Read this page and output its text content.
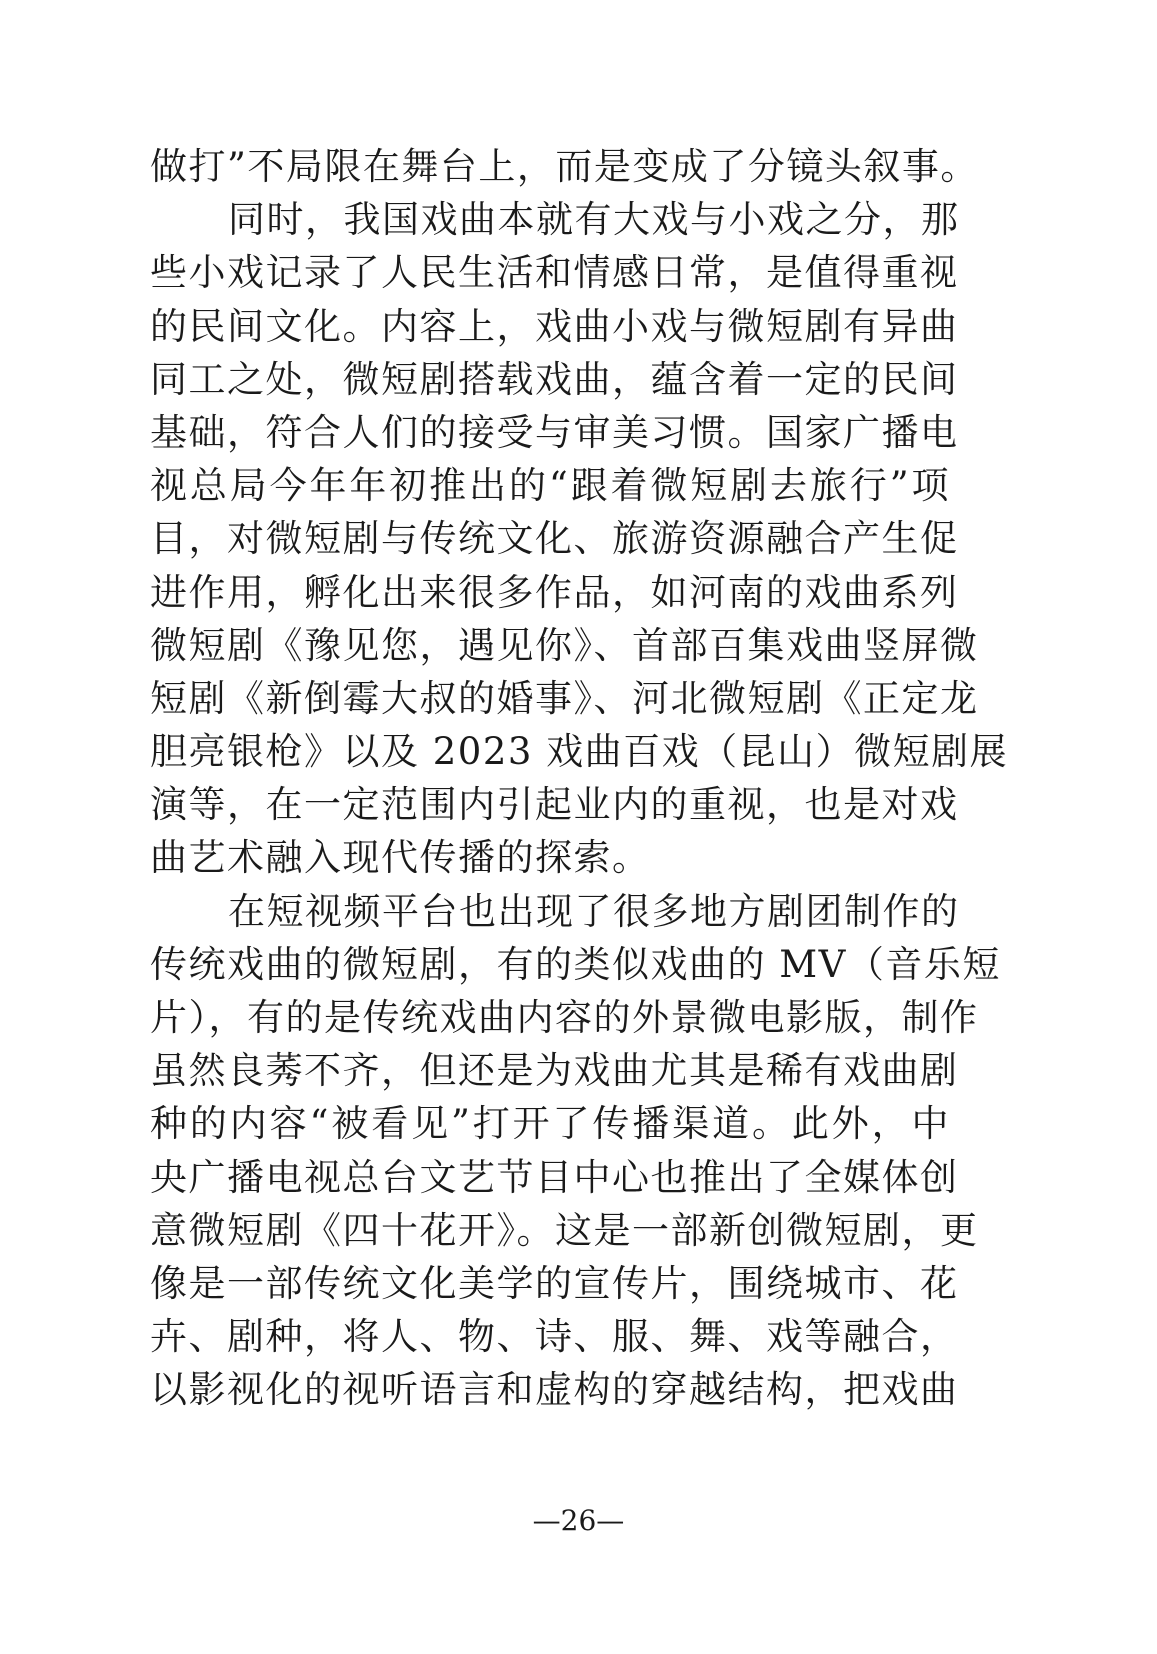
做打”不局限在舞台上，而是变成了分镜头叙事。
同时，我国戏曲本就有大戏与小戏之分，那
些小戏记录了人民生活和情感日常，是值得重视
的民间文化。内容上，戏曲小戏与微短剧有异曲
同工之处，微短剧搭载戏曲，蕴含着一定的民间
基础，符合人们的接受与审美习惯。国家广播电
视总局今年年初推出的“跟着微短剧去旅行”项
目，对微短剧与传统文化、旅游资源融合产生促
进作用，孵化出来很多作品，如河南的戏曲系列
微短剧《豫见您，遇见你》、首部百集戏曲竖屏微
短剧《新倒霉大叔的婚事》、河北微短剧《正定龙
胆亮银枪》以及 2023 戏曲百戏（昆山）微短剧展
演等，在一定范围内引起业内的重视，也是对戏
曲艺术融入现代传播的探索。
在短视频平台也出现了很多地方剧团制作的
传统戏曲的微短剧，有的类似戏曲的 MV（音乐短
片），有的是传统戏曲内容的外景微电影版，制作
虽然良莠不齐，但还是为戏曲尤其是稀有戏曲剧
种的内容“被看见”打开了传播渠道。此外，中
央广播电视总台文艺节目中心也推出了全媒体创
意微短剧《四十花开》。这是一部新创微短剧，更
像是一部传统文化美学的宣传片，围绕城市、花
卉、剧种，将人、物、诗、服、舞、戏等融合，
以影视化的视听语言和虚构的穿越结构，把戏曲
—26—
